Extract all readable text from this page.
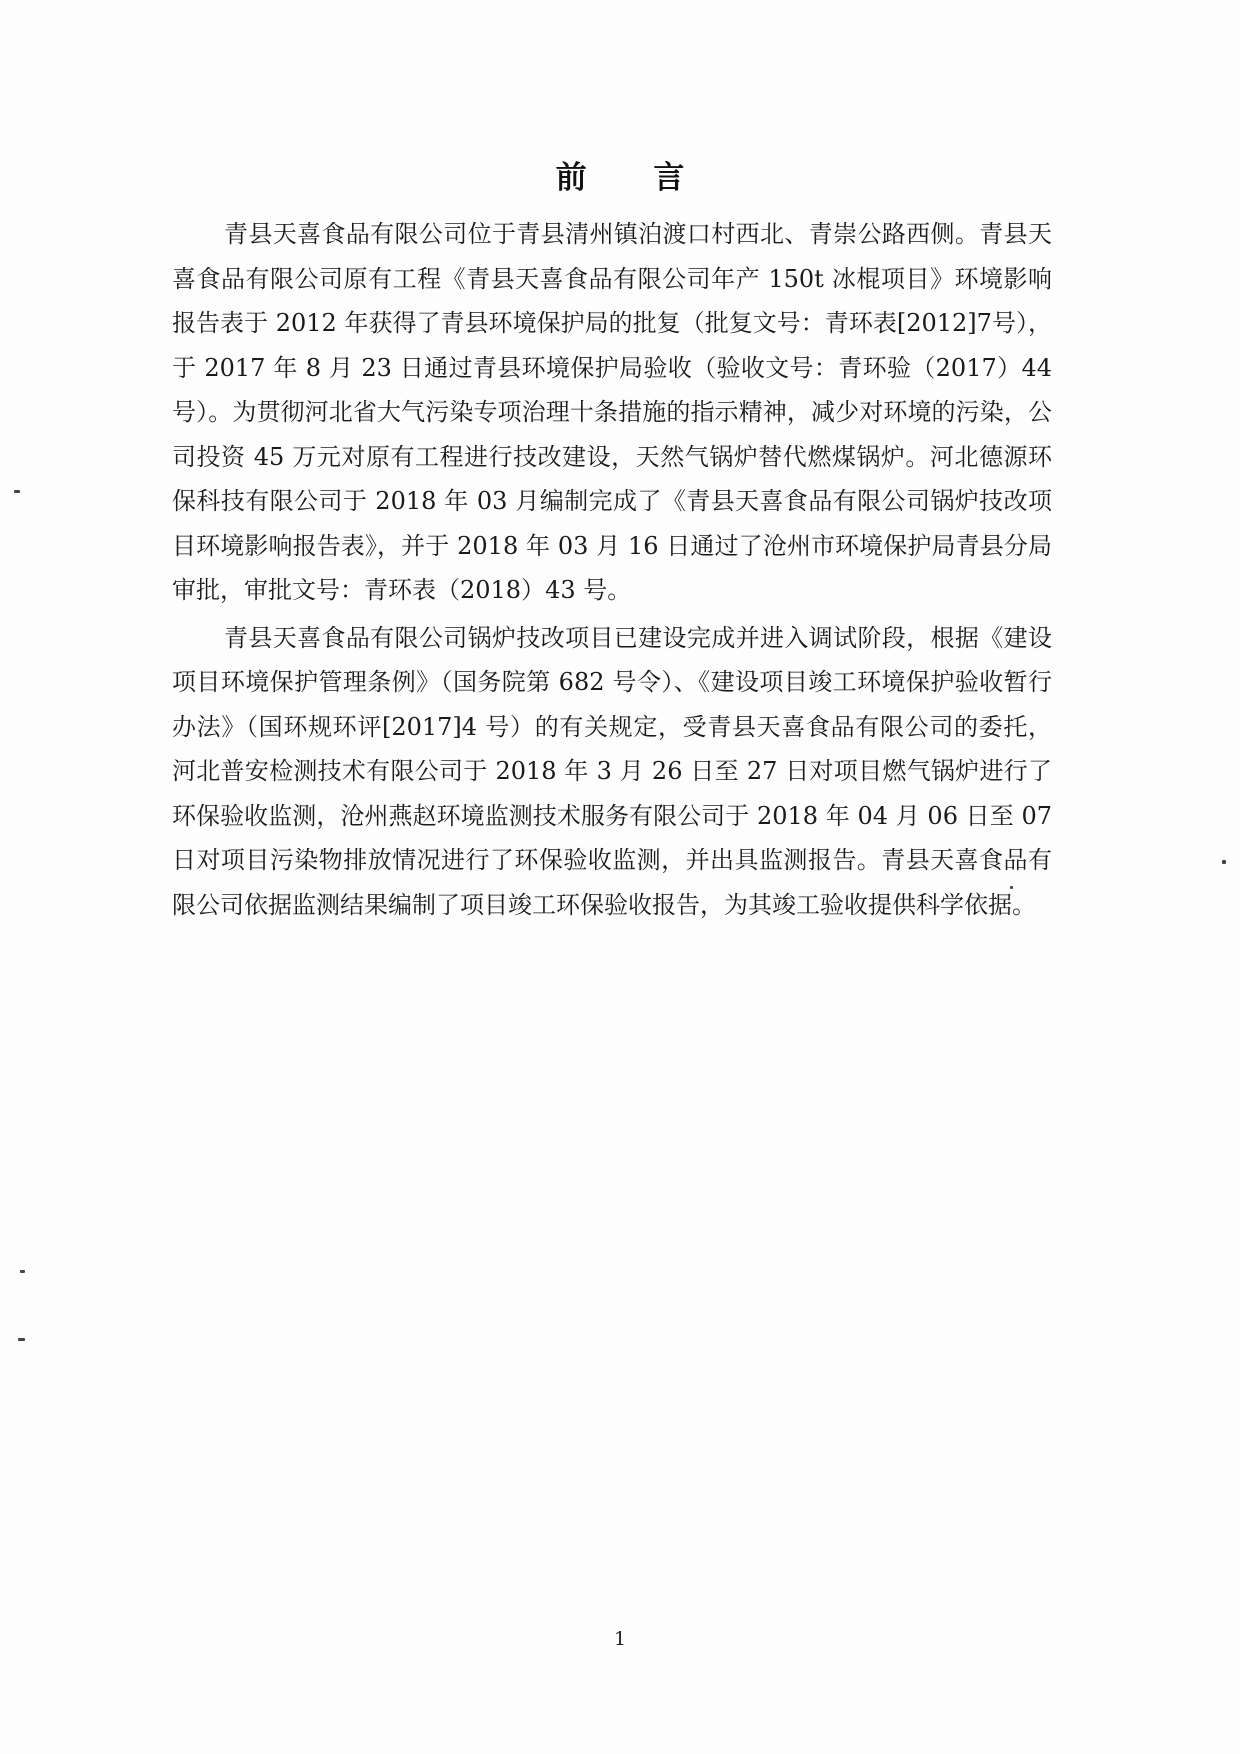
前 言

青县天喜食品有限公司位于青县清州镇泊渡口村西北、青崇公路西侧。青县天喜食品有限公司原有工程《青县天喜食品有限公司年产 150t 冰棍项目》环境影响报告表于 2012 年获得了青县环境保护局的批复（批复文号：青环表[2012]7号），于 2017 年 8 月 23 日通过青县环境保护局验收（验收文号：青环验（2017）44 号）。为贯彻河北省大气污染专项治理十条措施的指示精神，减少对环境的污染，公司投资 45 万元对原有工程进行技改建设，天然气锅炉替代燃煤锅炉。河北德源环保科技有限公司于 2018 年 03 月编制完成了《青县天喜食品有限公司锅炉技改项目环境影响报告表》，并于 2018 年 03 月 16 日通过了沧州市环境保护局青县分局审批，审批文号：青环表（2018）43 号。

青县天喜食品有限公司锅炉技改项目已建设完成并进入调试阶段，根据《建设项目环境保护管理条例》（国务院第 682 号令）、《建设项目竣工环境保护验收暂行办法》（国环规环评[2017]4 号）的有关规定，受青县天喜食品有限公司的委托，河北普安检测技术有限公司于 2018 年 3 月 26 日至 27 日对项目燃气锅炉进行了环保验收监测，沧州燕赵环境监测技术服务有限公司于 2018 年 04 月 06 日至 07 日对项目污染物排放情况进行了环保验收监测，并出具监测报告。青县天喜食品有限公司依据监测结果编制了项目竣工环保验收报告，为其竣工验收提供科学依据。

1
